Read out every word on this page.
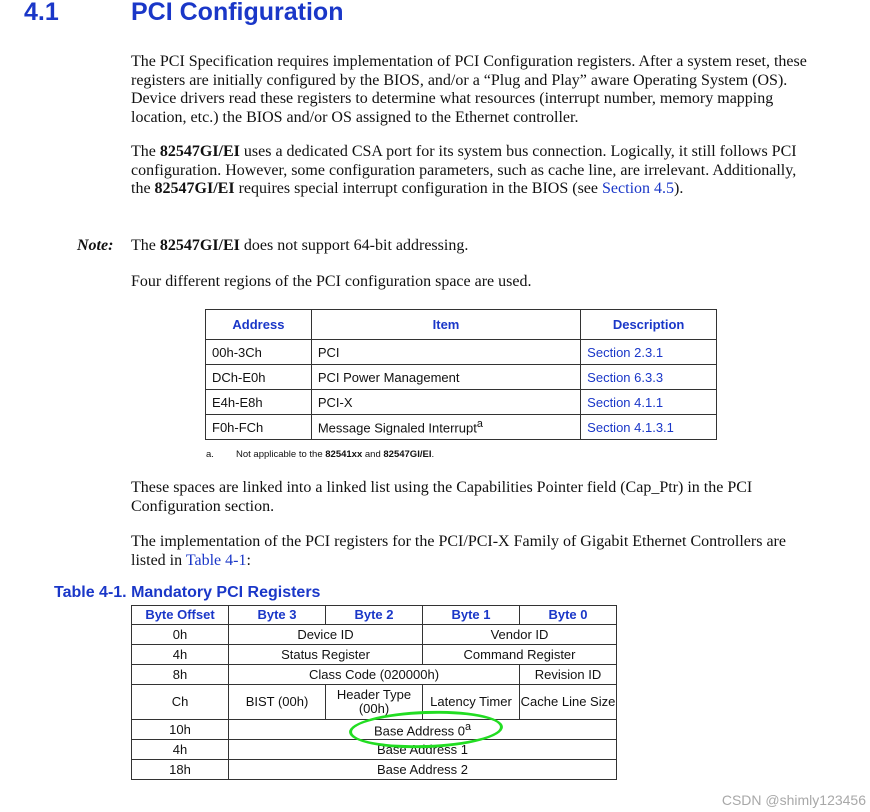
4.1	PCI Configuration

The PCI Specification requires implementation of PCI Configuration registers. After a system reset, these registers are initially configured by the BIOS, and/or a “Plug and Play” aware Operating System (OS). Device drivers read these registers to determine what resources (interrupt number, memory mapping location, etc.) the BIOS and/or OS assigned to the Ethernet controller.

The 82547GI/EI uses a dedicated CSA port for its system bus connection. Logically, it still follows PCI configuration. However, some configuration parameters, such as cache line, are irrelevant. Additionally, the 82547GI/EI requires special interrupt configuration in the BIOS (see Section 4.5).

Note: The 82547GI/EI does not support 64-bit addressing.

Four different regions of the PCI configuration space are used.

Address	Item	Description
00h-3Ch	PCI	Section 2.3.1
DCh-E0h	PCI Power Management	Section 6.3.3
E4h-E8h	PCI-X	Section 4.1.1
F0h-FCh	Message Signaled Interrupt$^a$	Section 4.1.3.1
a. Not applicable to the 82541xx and 82547GI/EI.

These spaces are linked into a linked list using the Capabilities Pointer field (Cap_Ptr) in the PCI Configuration section.

The implementation of the PCI registers for the PCI/PCI-X Family of Gigabit Ethernet Controllers are listed in Table 4-1:

Table 4-1. Mandatory PCI Registers
Byte Offset	Byte 3	Byte 2	Byte 1	Byte 0
0h	Device ID		Vendor ID	
4h	Status Register		Command Register	
8h	Class Code (020000h)			Revision ID
Ch	BIST (00h)	Header Type (00h)	Latency Timer	Cache Line Size
10h	Base Address 0$^a$
4h	Base Address 1			
18h	Base Address 2			
CSDN @shimly123456
